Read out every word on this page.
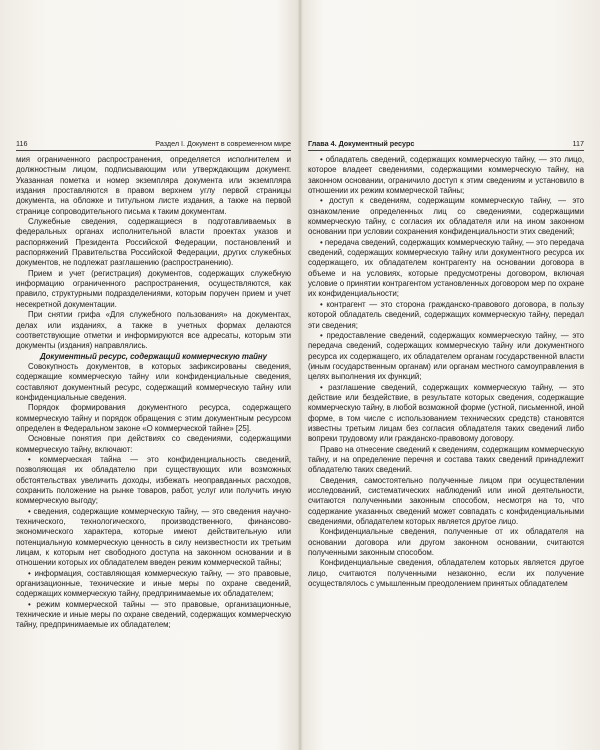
116	Раздел I. Документ в современном мире

мия ограниченного распространения, определяется исполнителем и должностным лицом, подписывающим или утверждающим документ. Указанная пометка и номер экземпляра документа или экземпляра издания проставляются в правом верхнем углу первой страницы документа, на обложке и титульном листе издания, а также на первой странице сопроводительного письма к таким документам.

Служебные сведения, содержащиеся в подготавливаемых в федеральных органах исполнительной власти проектах указов и распоряжений Президента Российской Федерации, постановлений и распоряжений Правительства Российской Федерации, других служебных документов, не подлежат разглашению (распространению).

Прием и учет (регистрация) документов, содержащих служебную информацию ограниченного распространения, осуществляются, как правило, структурными подразделениями, которым поручен прием и учет несекретной документации.

При снятии грифа «Для служебного пользования» на документах, делах или изданиях, а также в учетных формах делаются соответствующие отметки и информируются все адресаты, которым эти документы (издания) направлялись.

Документный ресурс, содержащий коммерческую тайну

Совокупность документов, в которых зафиксированы сведения, содержащие коммерческую тайну или конфиденциальные сведения, составляют документный ресурс, содержащий коммерческую тайну или конфиденциальные сведения.

Порядок формирования документного ресурса, содержащего коммерческую тайну и порядок обращения с этим документным ресурсом определен в Федеральном законе «О коммерческой тайне» [25].

Основные понятия при действиях со сведениями, содержащими коммерческую тайну, включают:

• коммерческая тайна — это конфиденциальность сведений, позволяющая их обладателю при существующих или возможных обстоятельствах увеличить доходы, избежать неоправданных расходов, сохранить положение на рынке товаров, работ, услуг или получить иную коммерческую выгоду;

• сведения, содержащие коммерческую тайну, — это сведения научно-технического, технологического, производственного, финансово-экономического характера, которые имеют действительную или потенциальную коммерческую ценность в силу неизвестности их третьим лицам, к которым нет свободного доступа на законном основании и в отношении которых их обладателем введен режим коммерческой тайны;

• информация, составляющая коммерческую тайну, — это правовые, организационные, технические и иные меры по охране сведений, содержащих коммерческую тайну, предпринимаемые их обладателем;

• режим коммерческой тайны — это правовые, организационные, технические и иные меры по охране сведений, содержащих коммерческую тайну, предпринимаемые их обладателем;

Глава 4. Документный ресурс	117

• обладатель сведений, содержащих коммерческую тайну, — это лицо, которое владеет сведениями, содержащими коммерческую тайну, на законном основании, ограничило доступ к этим сведениям и установило в отношении их режим коммерческой тайны;

• доступ к сведениям, содержащим коммерческую тайну, — это ознакомление определенных лиц со сведениями, содержащими коммерческую тайну, с согласия их обладателя или на ином законном основании при условии сохранения конфиденциальности этих сведений;

• передача сведений, содержащих коммерческую тайну, — это передача сведений, содержащих коммерческую тайну или документного ресурса их содержащего, их обладателем контрагенту на основании договора в объеме и на условиях, которые предусмотрены договором, включая условие о принятии контрагентом установленных договором мер по охране их конфиденциальности;

• контрагент — это сторона гражданско-правового договора, в пользу которой обладатель сведений, содержащих коммерческую тайну, передал эти сведения;

• предоставление сведений, содержащих коммерческую тайну, — это передача сведений, содержащих коммерческую тайну или документного ресурса их содержащего, их обладателем органам государственной власти (иным государственным органам) или органам местного самоуправления в целях выполнения их функций;

• разглашение сведений, содержащих коммерческую тайну, — это действие или бездействие, в результате которых сведения, содержащие коммерческую тайну, в любой возможной форме (устной, письменной, иной форме, в том числе с использованием технических средств) становятся известны третьим лицам без согласия обладателя таких сведений либо вопреки трудовому или гражданско-правовому договору.

Право на отнесение сведений к сведениям, содержащим коммерческую тайну, и на определение перечня и состава таких сведений принадлежит обладателю таких сведений.

Сведения, самостоятельно полученные лицом при осуществлении исследований, систематических наблюдений или иной деятельности, считаются полученными законным способом, несмотря на то, что содержание указанных сведений может совпадать с конфиденциальными сведениями, обладателем которых является другое лицо.

Конфиденциальные сведения, полученные от их обладателя на основании договора или другом законном основании, считаются полученными законным способом.

Конфиденциальные сведения, обладателем которых является другое лицо, считаются полученными незаконно, если их получение осуществлялось с умышленным преодолением принятых обладателем
